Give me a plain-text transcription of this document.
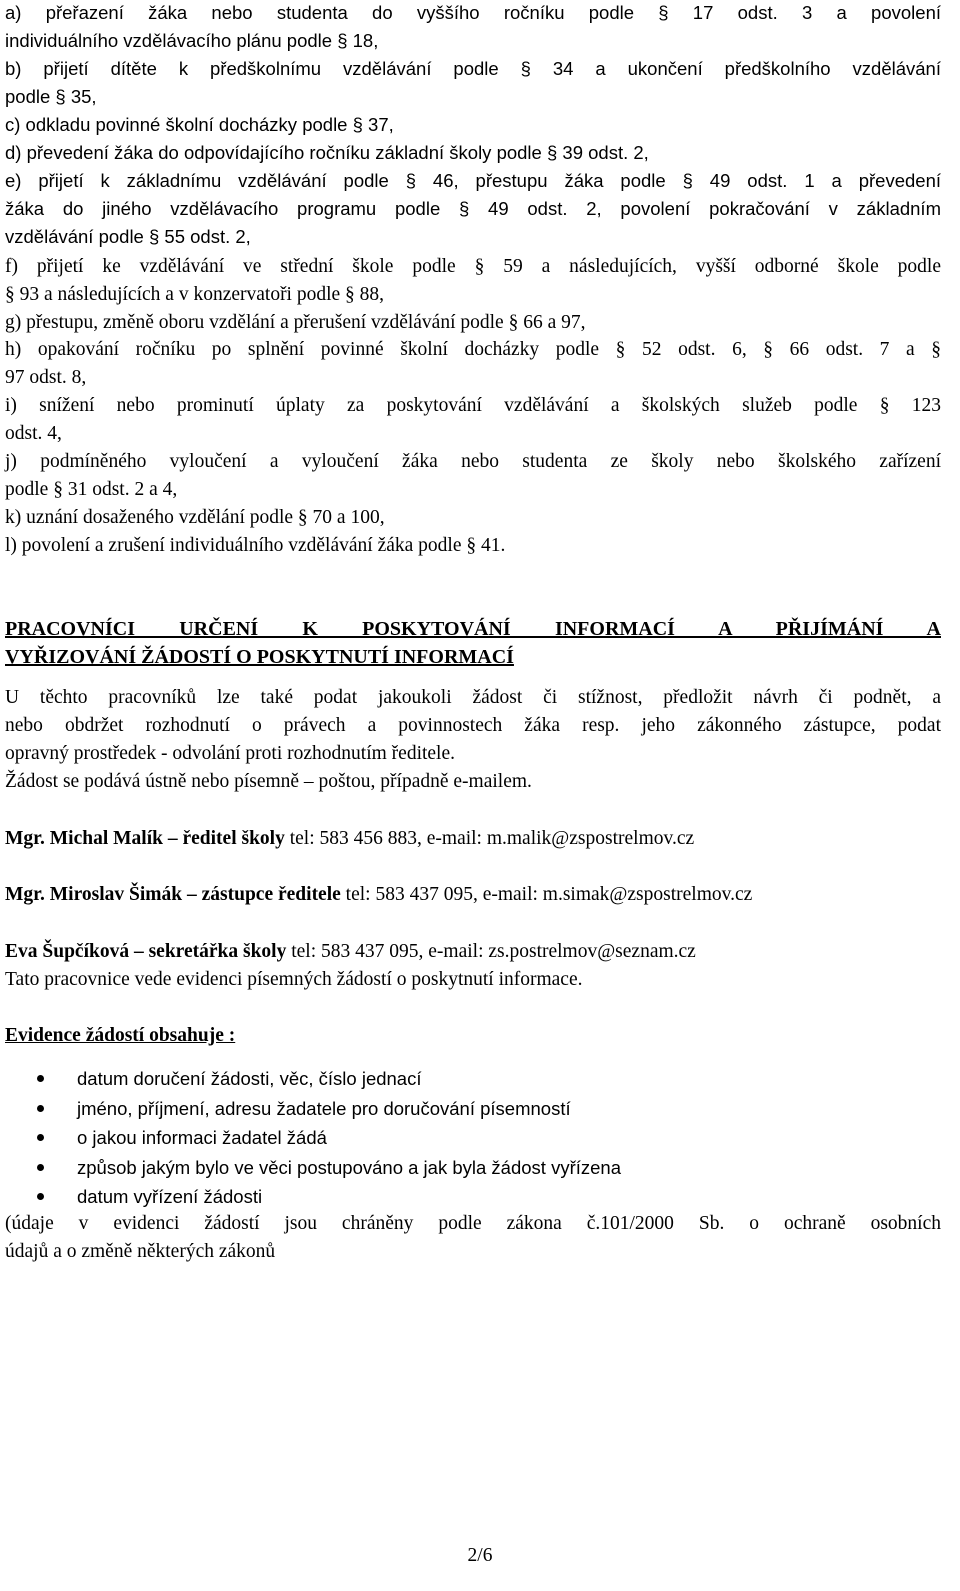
a) přeřazení žáka nebo studenta do vyššího ročníku podle § 17 odst. 3 a povolení
individuálního vzdělávacího plánu podle § 18,
b) přijetí dítěte k předškolnímu vzdělávání podle § 34 a ukončení předškolního vzdělávání
podle § 35,
c) odkladu povinné školní docházky podle § 37,
d) převedení žáka do odpovídajícího ročníku základní školy podle § 39 odst. 2,
e) přijetí k základnímu vzdělávání podle § 46, přestupu žáka podle § 49 odst. 1 a převedení
žáka do jiného vzdělávacího programu podle § 49 odst. 2, povolení pokračování v základním
vzdělávání podle § 55 odst. 2,
f) přijetí ke vzdělávání ve střední škole podle § 59 a následujících, vyšší odborné škole podle
§ 93 a následujících a v konzervatoři podle § 88,
g) přestupu, změně oboru vzdělání a přerušení vzdělávání podle § 66 a 97,
h) opakování ročníku po splnění povinné školní docházky podle § 52 odst. 6, § 66 odst. 7 a §
97 odst. 8,
i) snížení nebo prominutí úplaty za poskytování vzdělávání a školských služeb podle § 123
odst. 4,
j) podmíněného vyloučení a vyloučení žáka nebo studenta ze školy nebo školského zařízení
podle § 31 odst. 2 a 4,
k) uznání dosaženého vzdělání podle § 70 a 100,
l) povolení a zrušení individuálního vzdělávání žáka podle § 41.
PRACOVNÍCI URČENÍ K POSKYTOVÁNÍ INFORMACÍ A PŘIJÍMÁNÍ A
VYŘIZOVÁNÍ ŽÁDOSTÍ O POSKYTNUTÍ INFORMACÍ
U těchto pracovníků lze také podat jakoukoli žádost či stížnost, předložit návrh či podnět, a
nebo obdržet rozhodnutí o právech a povinnostech žáka resp. jeho zákonného zástupce, podat
opravný prostředek - odvolání proti rozhodnutím ředitele.
Žádost se podává ústně nebo písemně – poštou, případně e-mailem.
Mgr. Michal Malík – ředitel školy tel: 583 456 883, e-mail: m.malik@zspostrelmov.cz
Mgr. Miroslav Šimák – zástupce ředitele tel: 583 437 095, e-mail: m.simak@zspostrelmov.cz
Eva Šupčíková – sekretářka školy tel: 583 437 095, e-mail: zs.postrelmov@seznam.cz
Tato pracovnice vede evidenci písemných žádostí o poskytnutí informace.
Evidence žádostí obsahuje :
datum doručení žádosti, věc, číslo jednací
jméno, příjmení, adresu žadatele pro doručování písemností
o jakou informaci žadatel žádá
způsob jakým bylo ve věci postupováno a jak byla žádost vyřízena
datum vyřízení žádosti
(údaje v evidenci žádostí jsou chráněny podle zákona č.101/2000 Sb. o ochraně osobních
údajů a o změně některých zákonů
2/6
